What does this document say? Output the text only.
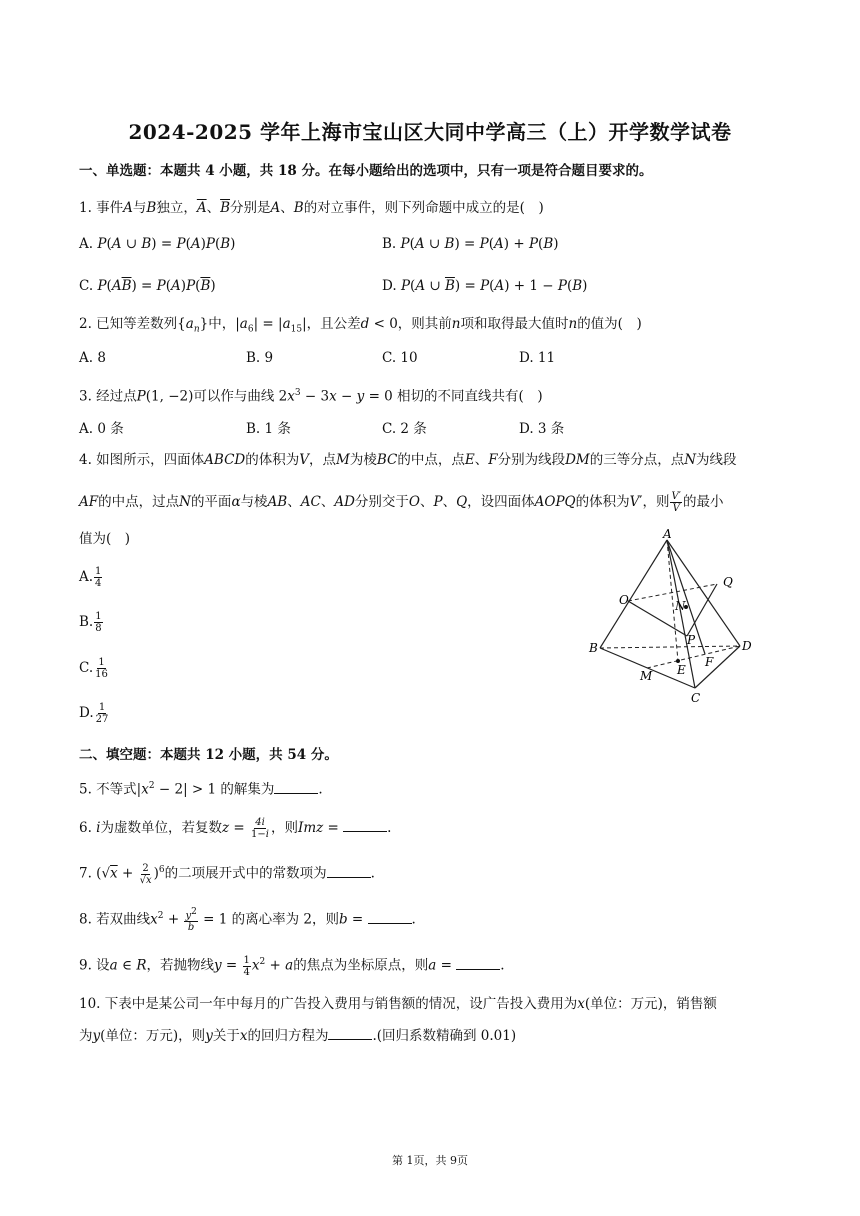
2024-2025 学年上海市宝山区大同中学高三（上）开学数学试卷
一、单选题：本题共 4 小题，共 18 分。在每小题给出的选项中，只有一项是符合题目要求的。
1. 事件A与B独立，$\overline{A}$、$\overline{B}$分别是A、B的对立事件，则下列命题中成立的是(　)
A. P(A ∪ B) = P(A)P(B)	B. P(A ∪ B) = P(A) + P(B)
C. $P(A\overline{B}) = P(A)P(\overline{B})$	D. P(A ∪ $\overline{B}) = P(A) + 1 - P(B)$
2. 已知等差数列$\{a_n\}$中，$|a_6| = |a_{15}|$，且公差d < 0，则其前n项和取得最大值时n的值为(　)
A. 8	B. 9	C. 10	D. 11
3. 经过点P(1, −2)可以作与曲线 $2x^3 - 3x - y = 0$ 相切的不同直线共有(　)
A. 0 条	B. 1 条	C. 2 条	D. 3 条
4. 如图所示，四面体ABCD的体积为V，点M为棱BC的中点，点E、F分别为线段DM的三等分点，点N为线段
AF的中点，过点N的平面α与棱AB、AC、AD分别交于O、P、Q，设四面体AOPQ的体积为V′，则 $\frac{V'}{V}$ 的最小
值为(　)
A. $\frac{1}{4}$
B. $\frac{1}{8}$
C. $\frac{1}{16}$
D. $\frac{1}{27}$
A
Q
O	N
P
B	D
F
E
M
C
二、填空题：本题共 12 小题，共 54 分。
5. 不等式$|x^2 - 2| > 1$ 的解集为	.
6. i为虚数单位，若复数$z = \frac{4i}{1-i}$ ，则Imz =	.
7. $(√x + \frac{2}{√x} )^6$的二项展开式中的常数项为	.
8. 若双曲线$x^2 + \frac{y^2}{b} = 1$ 的离心率为 2，则b =	.
9. 设a ∈ R，若抛物线$y = \frac{1}{4} x^2 + a$的焦点为坐标原点，则a =	.
10. 下表中是某公司一年中每月的广告投入费用与销售额的情况，设广告投入费用为x(单位：万元)，销售额
为y(单位：万元)，则y关于x的回归方程为	.(回归系数精确到 0.01)
第 1页，共 9页
